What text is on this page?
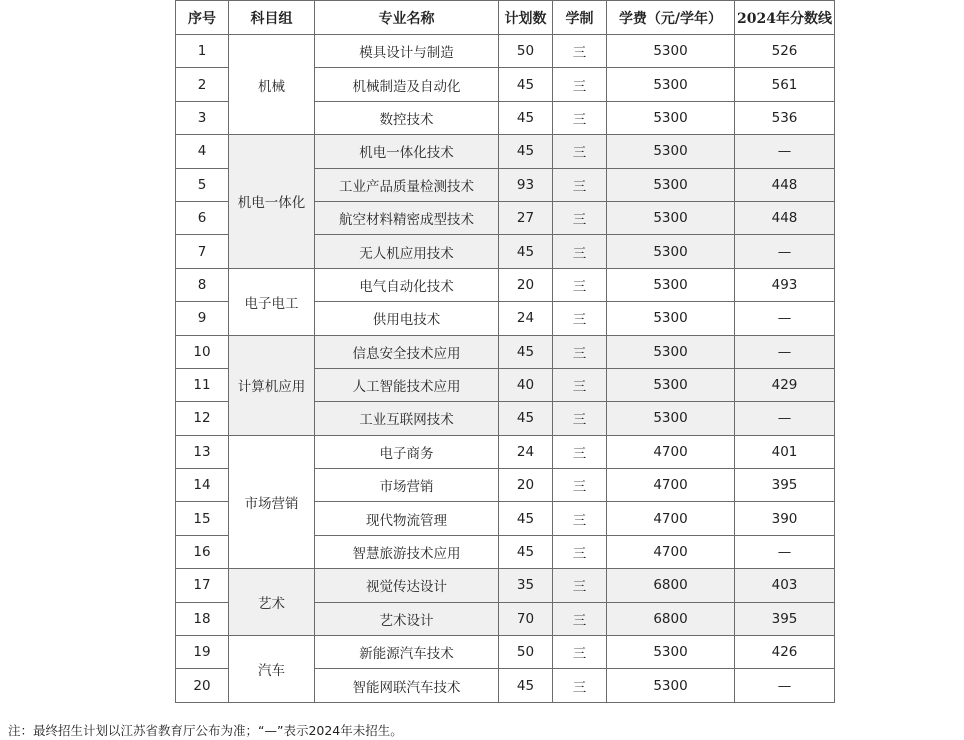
序号	科目组	专业名称	计划数	学制	学费（元/学年）	2024年分数线
1	机械	模具设计与制造	50	三	5300	526
2		机械制造及自动化	45	三	5300	561
3		数控技术	45	三	5300	536
4	机电一体化	机电一体化技术	45	三	5300	—
5		工业产品质量检测技术	93	三	5300	448
6		航空材料精密成型技术	27	三	5300	448
7		无人机应用技术	45	三	5300	—
8	电子电工	电气自动化技术	20	三	5300	493
9		供用电技术	24	三	5300	—
10	计算机应用	信息安全技术应用	45	三	5300	—
11		人工智能技术应用	40	三	5300	429
12		工业互联网技术	45	三	5300	—
13	市场营销	电子商务	24	三	4700	401
14		市场营销	20	三	4700	395
15		现代物流管理	45	三	4700	390
16		智慧旅游技术应用	45	三	4700	—
17	艺术	视觉传达设计	35	三	6800	403
18		艺术设计	70	三	6800	395
19	汽车	新能源汽车技术	50	三	5300	426
20		智能网联汽车技术	45	三	5300	—
注：最终招生计划以江苏省教育厅公布为准；“—”表示2024年未招生。
